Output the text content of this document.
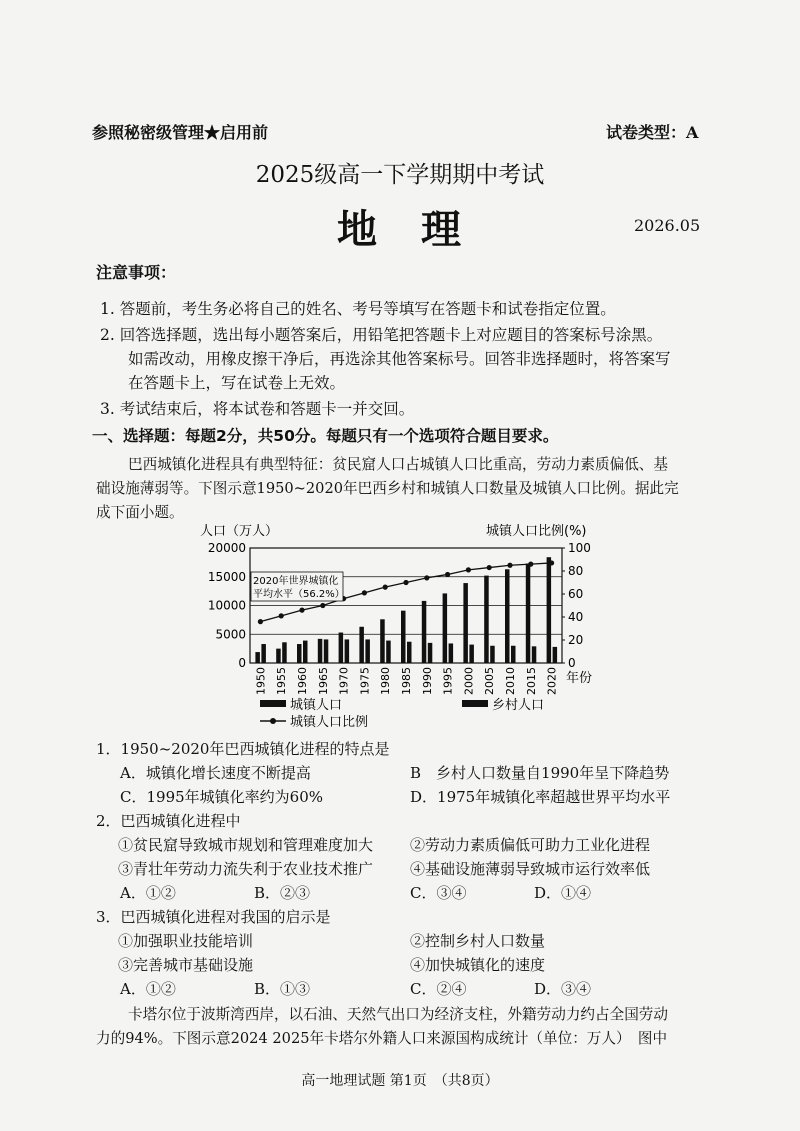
参照秘密级管理★启用前	试卷类型：A
2025级高一下学期期中考试
地　理	2026.05
注意事项：
1. 答题前，考生务必将自己的姓名、考号等填写在答题卡和试卷指定位置。
2. 回答选择题，选出每小题答案后，用铅笔把答题卡上对应题目的答案标号涂黑。
如需改动，用橡皮擦干净后，再选涂其他答案标号。回答非选择题时，将答案写
在答题卡上，写在试卷上无效。
3. 考试结束后，将本试卷和答题卡一并交回。
一、选择题：每题2分，共50分。每题只有一个选项符合题目要求。
巴西城镇化进程具有典型特征：贫民窟人口占城镇人口比重高，劳动力素质偏低、基
础设施薄弱等。下图示意1950~2020年巴西乡村和城镇人口数量及城镇人口比例。据此完
成下面小题。
人口（万人）	城镇人口比例(%)
0
5000
10000
15000
20000
0
20
40
60
80
100
2020年世界城镇化
平均水平（56.2%）
1950 1955 1960 1965 1970 1975 1980 1985 1990 1995 2000 2005 2010 2015 2020 年份
城镇人口	乡村人口
城镇人口比例
1．1950~2020年巴西城镇化进程的特点是
A．城镇化增长速度不断提高	B　乡村人口数量自1990年呈下降趋势
C．1995年城镇化率约为60%	D．1975年城镇化率超越世界平均水平
2．巴西城镇化进程中
①贫民窟导致城市规划和管理难度加大 ②劳动力素质偏低可助力工业化进程
③青壮年劳动力流失利于农业技术推广 ④基础设施薄弱导致城市运行效率低
A．①②	B．②③	C．③④	D．①④
3．巴西城镇化进程对我国的启示是
①加强职业技能培训	②控制乡村人口数量
③完善城市基础设施	④加快城镇化的速度
A．①②	B．①③	C．②④	D．③④
卡塔尔位于波斯湾西岸，以石油、天然气出口为经济支柱，外籍劳动力约占全国劳动
力的94%。下图示意2024 2025年卡塔尔外籍人口来源国构成统计（单位：万人）　图中
高一地理试题 第1页　（共8页）
